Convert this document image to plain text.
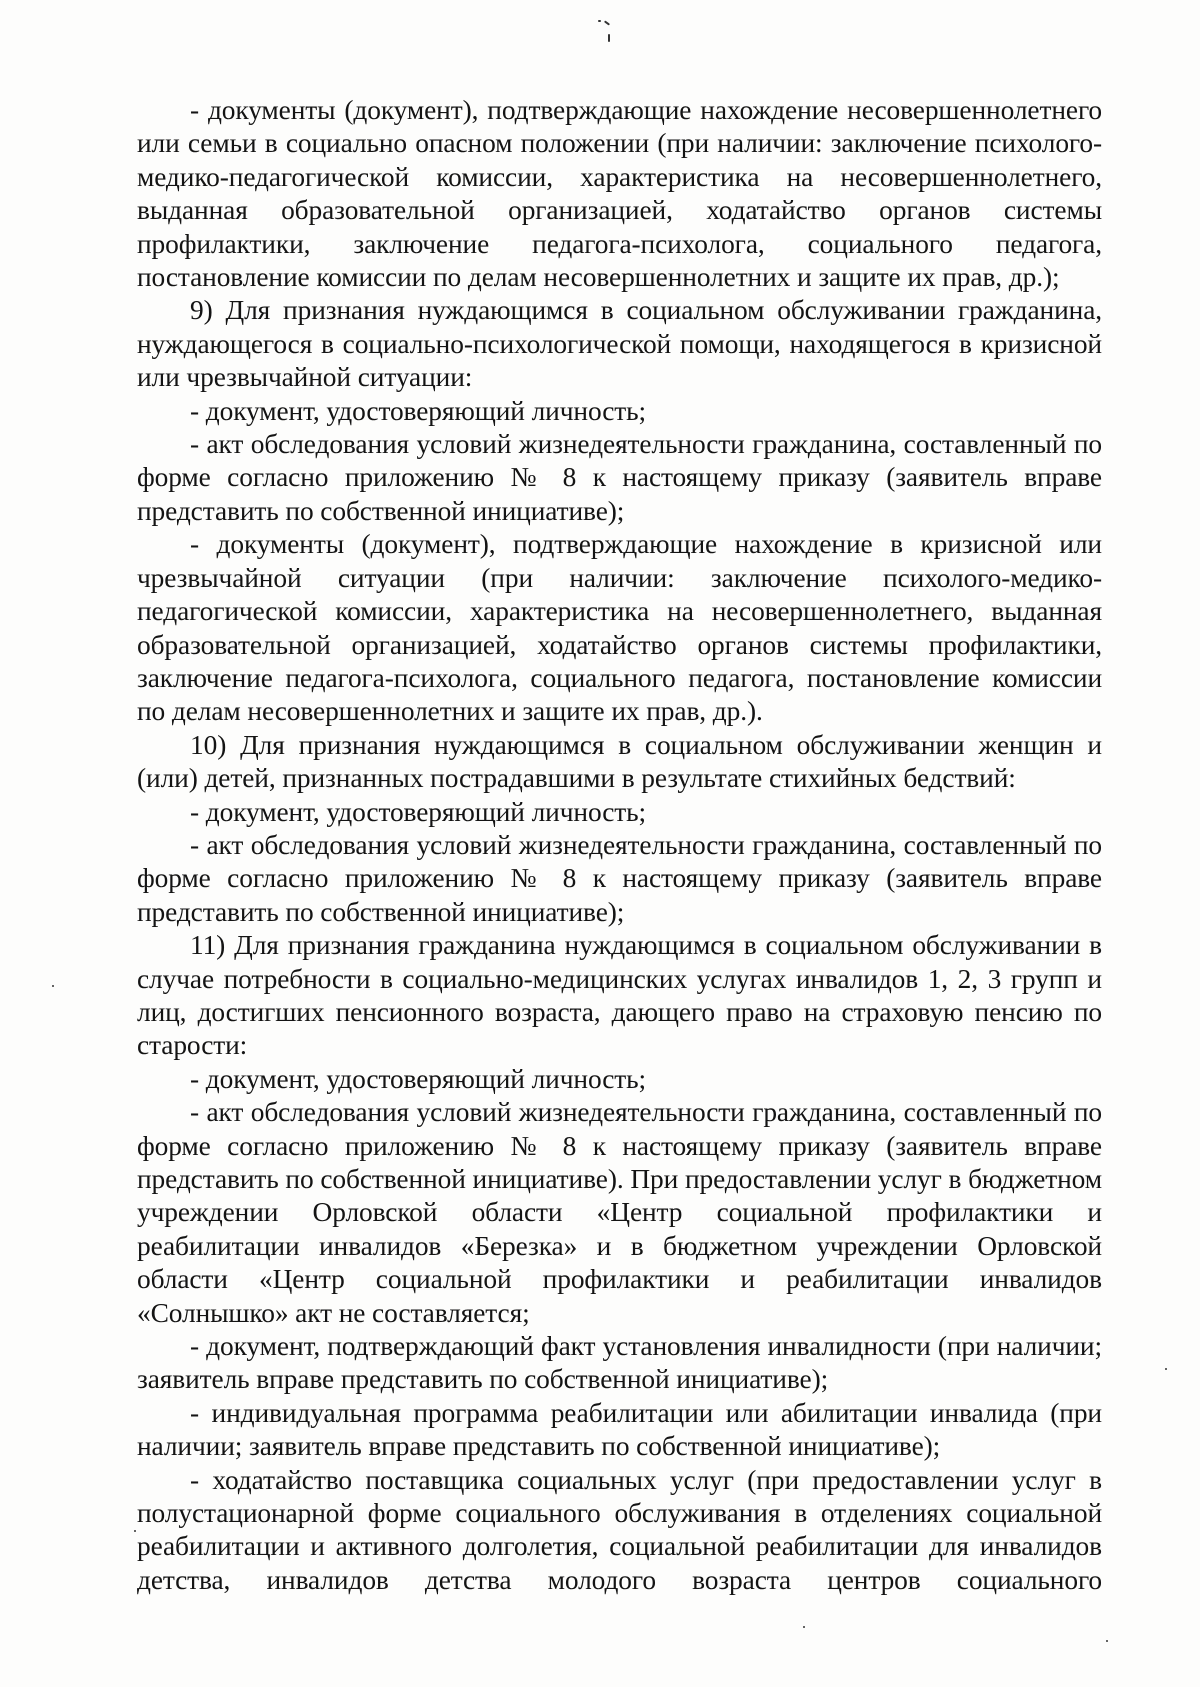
- документы (документ), подтверждающие нахождение несовершеннолетнего или семьи в социально опасном положении (при наличии: заключение психолого-медико-педагогической комиссии, характеристика на несовершеннолетнего, выданная образовательной организацией, ходатайство органов системы профилактики, заключение педагога-психолога, социального педагога, постановление комиссии по делам несовершеннолетних и защите их прав, др.);

9) Для признания нуждающимся в социальном обслуживании гражданина, нуждающегося в социально-психологической помощи, находящегося в кризисной или чрезвычайной ситуации:

- документ, удостоверяющий личность;

- акт обследования условий жизнедеятельности гражданина, составленный по форме согласно приложению № 8 к настоящему приказу (заявитель вправе представить по собственной инициативе);

- документы (документ), подтверждающие нахождение в кризисной или чрезвычайной ситуации (при наличии: заключение психолого-медико-педагогической комиссии, характеристика на несовершеннолетнего, выданная образовательной организацией, ходатайство органов системы профилактики, заключение педагога-психолога, социального педагога, постановление комиссии по делам несовершеннолетних и защите их прав, др.).

10) Для признания нуждающимся в социальном обслуживании женщин и (или) детей, признанных пострадавшими в результате стихийных бедствий:

- документ, удостоверяющий личность;

- акт обследования условий жизнедеятельности гражданина, составленный по форме согласно приложению № 8 к настоящему приказу (заявитель вправе представить по собственной инициативе);

11) Для признания гражданина нуждающимся в социальном обслуживании в случае потребности в социально-медицинских услугах инвалидов 1, 2, 3 групп и лиц, достигших пенсионного возраста, дающего право на страховую пенсию по старости:

- документ, удостоверяющий личность;

- акт обследования условий жизнедеятельности гражданина, составленный по форме согласно приложению № 8 к настоящему приказу (заявитель вправе представить по собственной инициативе). При предоставлении услуг в бюджетном учреждении Орловской области «Центр социальной профилактики и реабилитации инвалидов «Березка» и в бюджетном учреждении Орловской области «Центр социальной профилактики и реабилитации инвалидов «Солнышко» акт не составляется;

- документ, подтверждающий факт установления инвалидности (при наличии; заявитель вправе представить по собственной инициативе);

- индивидуальная программа реабилитации или абилитации инвалида (при наличии; заявитель вправе представить по собственной инициативе);

- ходатайство поставщика социальных услуг (при предоставлении услуг в полустационарной форме социального обслуживания в отделениях социальной реабилитации и активного долголетия, социальной реабилитации для инвалидов детства, инвалидов детства молодого возраста центров социального
